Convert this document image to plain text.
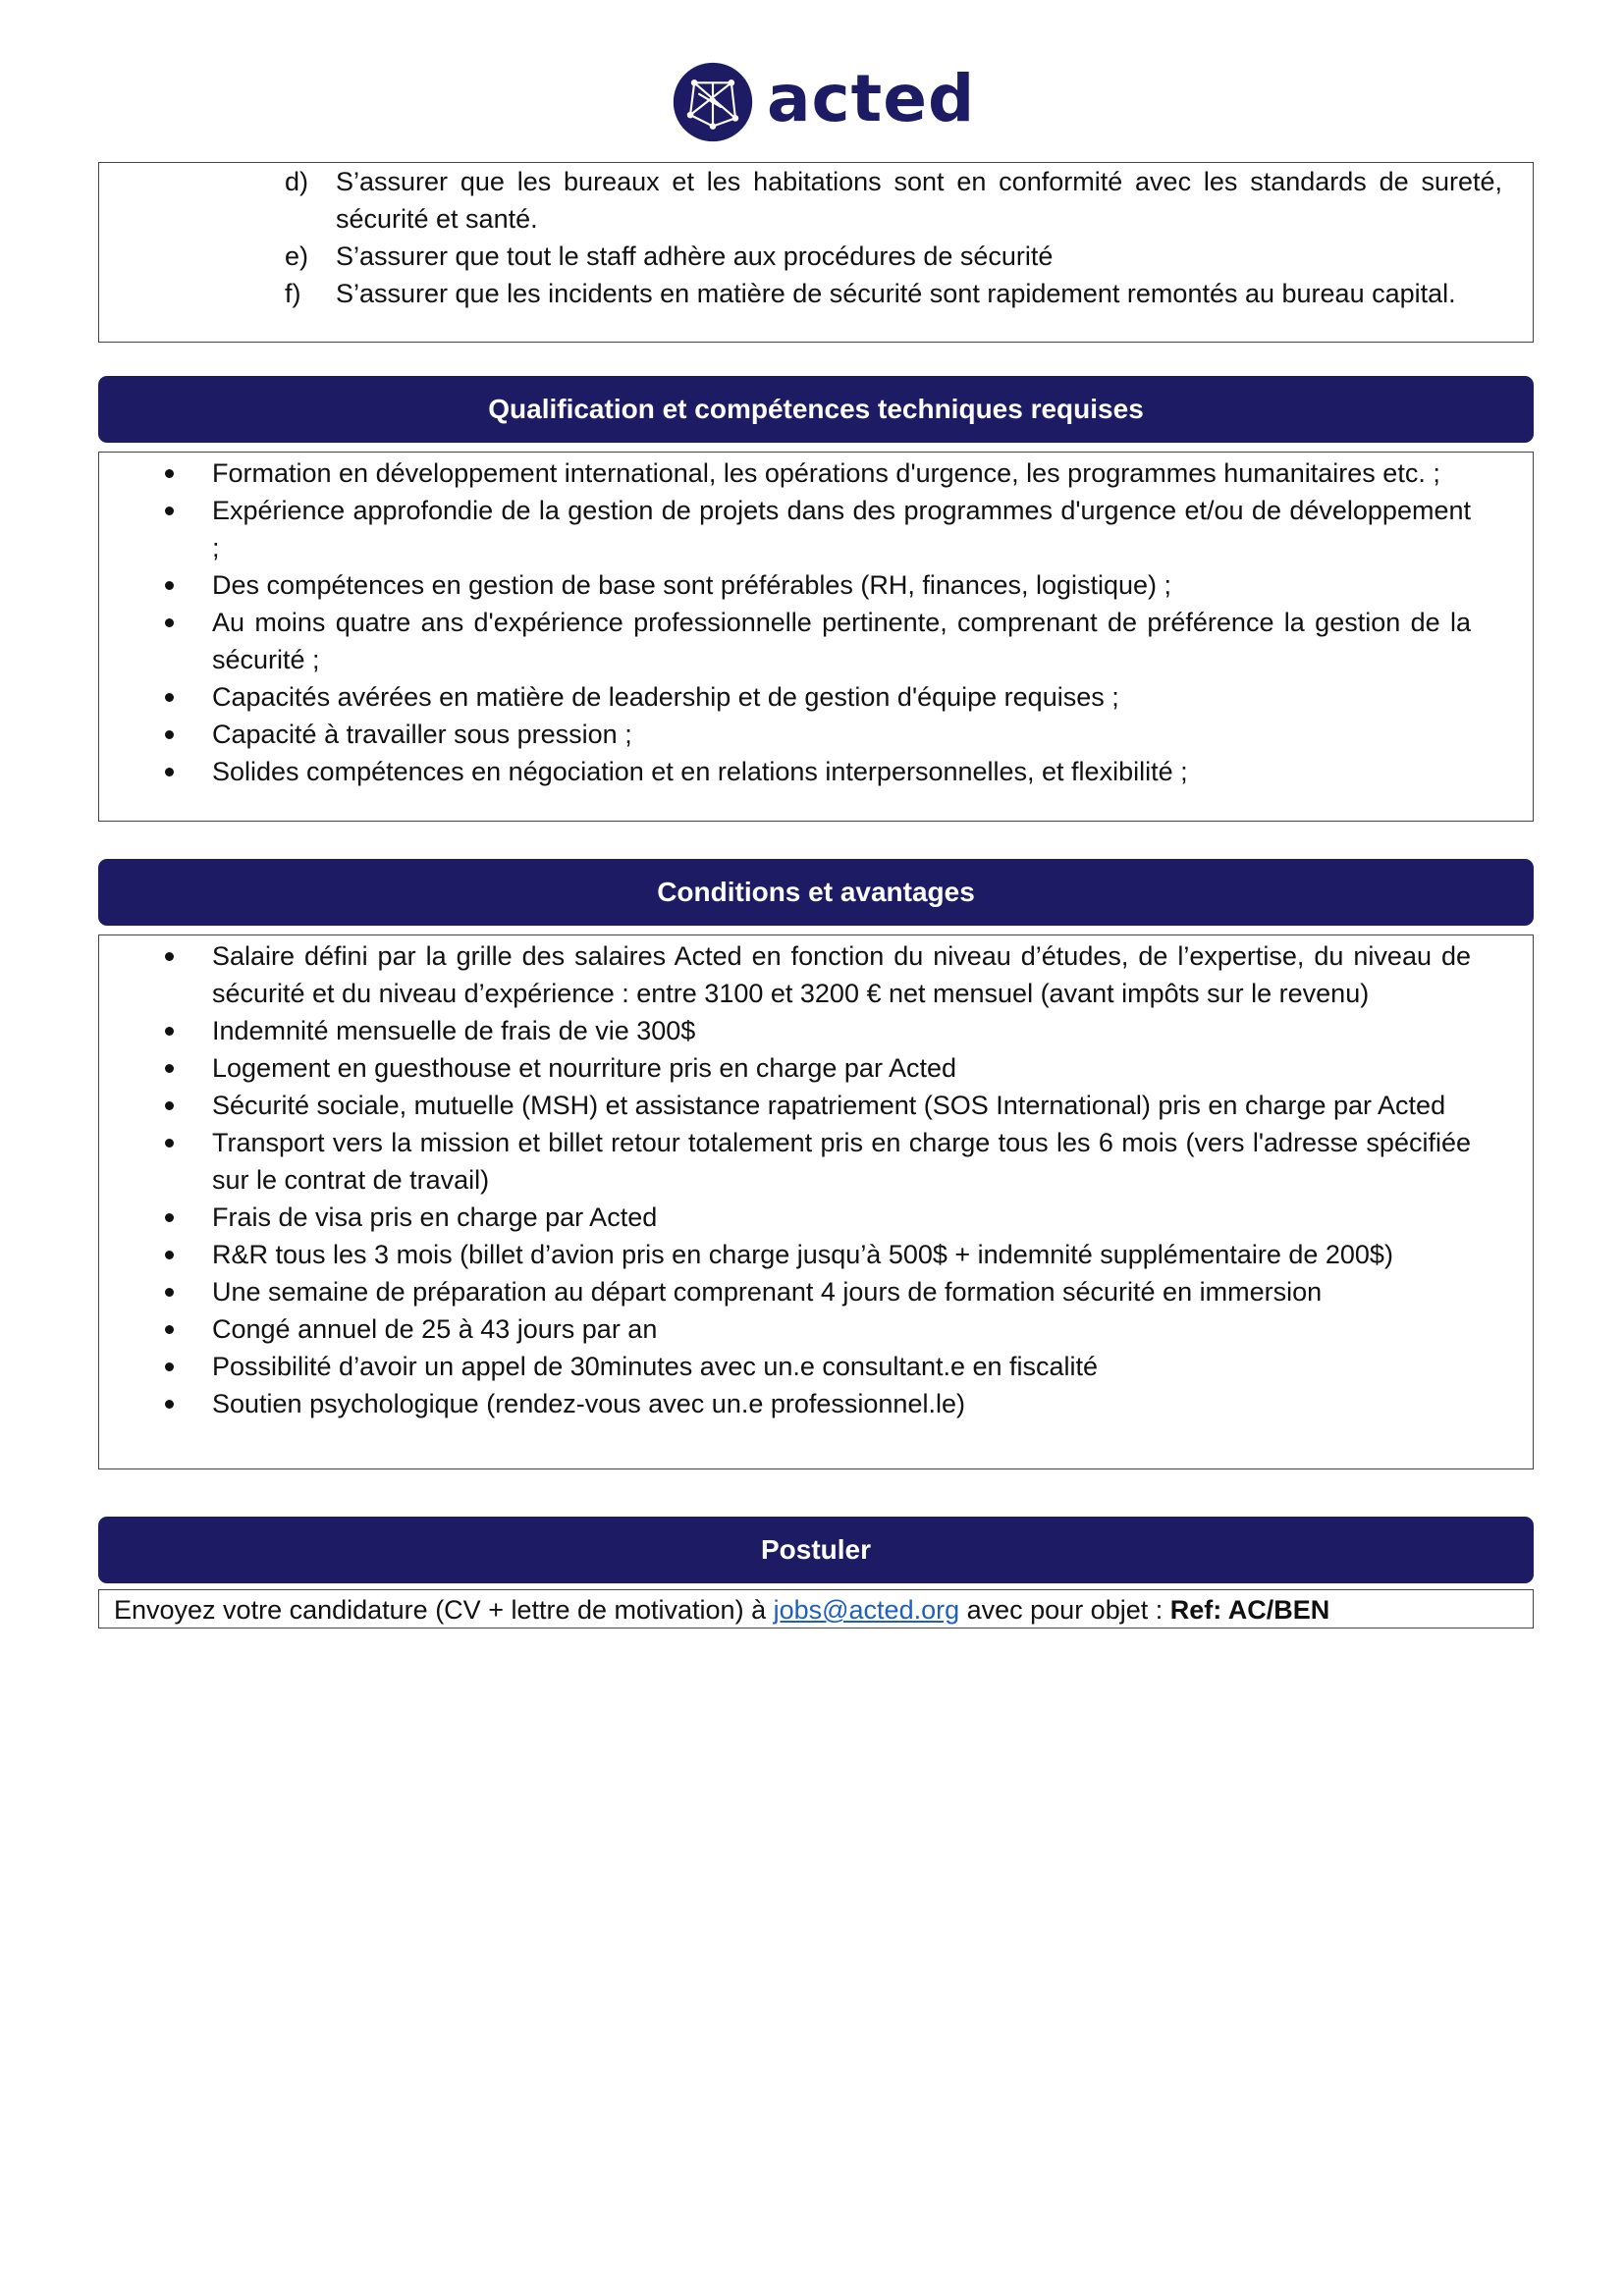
acted
d) S’assurer que les bureaux et les habitations sont en conformité avec les standards de sureté, sécurité et santé.
e) S’assurer que tout le staff adhère aux procédures de sécurité
f) S’assurer que les incidents en matière de sécurité sont rapidement remontés au bureau capital.
Qualification et compétences techniques requises
Formation en développement international, les opérations d'urgence, les programmes humanitaires etc. ;
Expérience approfondie de la gestion de projets dans des programmes d'urgence et/ou de développement ;
Des compétences en gestion de base sont préférables (RH, finances, logistique) ;
Au moins quatre ans d'expérience professionnelle pertinente, comprenant de préférence la gestion de la sécurité ;
Capacités avérées en matière de leadership et de gestion d'équipe requises ;
Capacité à travailler sous pression ;
Solides compétences en négociation et en relations interpersonnelles, et flexibilité ;
Conditions et avantages
Salaire défini par la grille des salaires Acted en fonction du niveau d’études, de l’expertise, du niveau de sécurité et du niveau d’expérience : entre 3100 et 3200 € net mensuel (avant impôts sur le revenu)
Indemnité mensuelle de frais de vie 300$
Logement en guesthouse et nourriture pris en charge par Acted
Sécurité sociale, mutuelle (MSH) et assistance rapatriement (SOS International) pris en charge par Acted
Transport vers la mission et billet retour totalement pris en charge tous les 6 mois (vers l'adresse spécifiée sur le contrat de travail)
Frais de visa pris en charge par Acted
R&R tous les 3 mois (billet d’avion pris en charge jusqu’à 500$ + indemnité supplémentaire de 200$)
Une semaine de préparation au départ comprenant 4 jours de formation sécurité en immersion
Congé annuel de 25 à 43 jours par an
Possibilité d’avoir un appel de 30minutes avec un.e consultant.e en fiscalité
Soutien psychologique (rendez-vous avec un.e professionnel.le)
Postuler
Envoyez votre candidature (CV + lettre de motivation) à jobs@acted.org avec pour objet : Ref: AC/BEN
